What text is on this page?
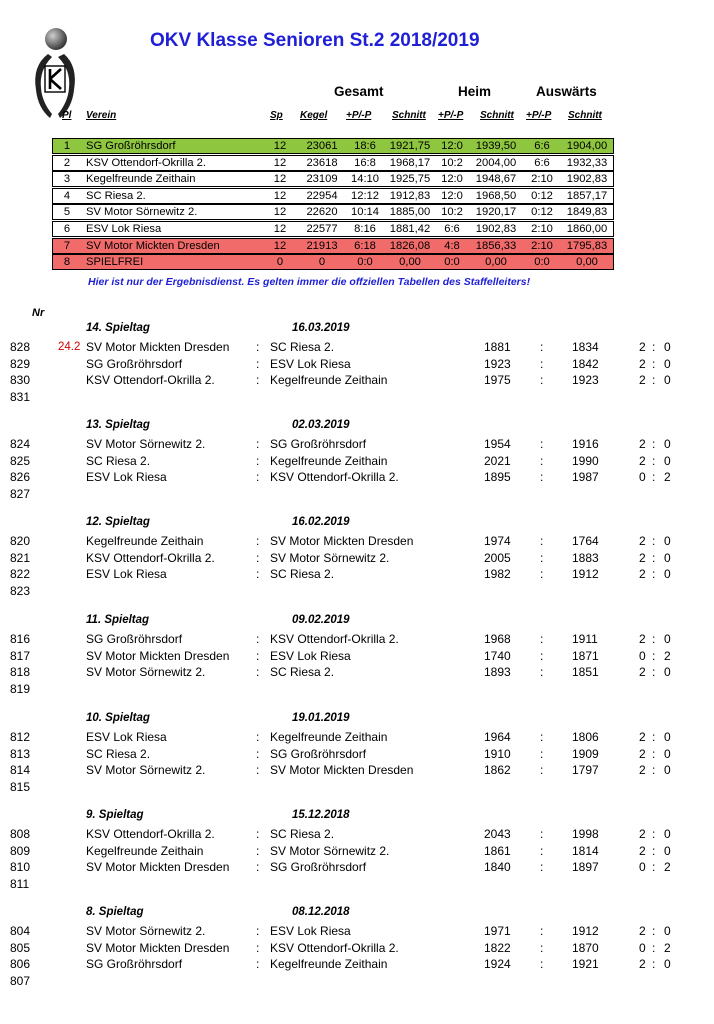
OKV Klasse Senioren St.2 2018/2019
Gesamt	Heim	Auswärts
Pl Verein	Sp Kegel +P/-P Schnitt +P/-P Schnitt +P/-P Schnitt
1	SG Großröhrsdorf	12	23061	18:6	1921,75 12:0	1939,50	6:6	1904,00
2	KSV Ottendorf-Okrilla 2.	12	23618	16:8	1968,17 10:2	2004,00	6:6	1932,33
3	Kegelfreunde Zeithain	12	23109	14:10 1925,75 12:0	1948,67	2:10	1902,83
4	SC Riesa 2.	12	22954	12:12 1912,83 12:0	1968,50	0:12	1857,17
5	SV Motor Sörnewitz 2.	12	22620	10:14 1885,00 10:2	1920,17	0:12	1849,83
6	ESV Lok Riesa	12	22577	8:16	1881,42	6:6	1902,83	2:10	1860,00
7	SV Motor Mickten Dresden	12	21913	6:18	1826,08	4:8	1856,33	2:10	1795,83
8	SPIELFREI	0	0	0:0	0,00	0:0	0,00	0:0	0,00
Hier ist nur der Ergebnisdienst. Es gelten immer die offziellen Tabellen des Staffelleiters!
Nr
14. Spieltag	16.03.2019
828 24.2 SV Motor Mickten Dresden : SC Riesa 2.	1881 : 1834	2 : 0
829	SG Großröhrsdorf	: ESV Lok Riesa	1923 : 1842	2 : 0
830	KSV Ottendorf-Okrilla 2.	: Kegelfreunde Zeithain	1975 : 1923	2 : 0
831
13. Spieltag	02.03.2019
824	SV Motor Sörnewitz 2.	: SG Großröhrsdorf	1954 : 1916	2 : 0
825	SC Riesa 2.	: Kegelfreunde Zeithain	2021 : 1990	2 : 0
826	ESV Lok Riesa	: KSV Ottendorf-Okrilla 2.	1895 : 1987	0 : 2
827
12. Spieltag	16.02.2019
820	Kegelfreunde Zeithain	: SV Motor Mickten Dresden	1974 : 1764	2 : 0
821	KSV Ottendorf-Okrilla 2.	: SV Motor Sörnewitz 2.	2005 : 1883	2 : 0
822	ESV Lok Riesa	: SC Riesa 2.	1982 : 1912	2 : 0
823
11. Spieltag	09.02.2019
816	SG Großröhrsdorf	: KSV Ottendorf-Okrilla 2.	1968 : 1911	2 : 0
817	SV Motor Mickten Dresden : ESV Lok Riesa	1740 : 1871	0 : 2
818	SV Motor Sörnewitz 2.	: SC Riesa 2.	1893 : 1851	2 : 0
819
10. Spieltag	19.01.2019
812	ESV Lok Riesa	: Kegelfreunde Zeithain	1964 : 1806	2 : 0
813	SC Riesa 2.	: SG Großröhrsdorf	1910 : 1909	2 : 0
814	SV Motor Sörnewitz 2.	: SV Motor Mickten Dresden	1862 : 1797	2 : 0
815
9. Spieltag	15.12.2018
808	KSV Ottendorf-Okrilla 2.	: SC Riesa 2.	2043 : 1998	2 : 0
809	Kegelfreunde Zeithain	: SV Motor Sörnewitz 2.	1861 : 1814	2 : 0
810	SV Motor Mickten Dresden : SG Großröhrsdorf	1840 : 1897	0 : 2
811
8. Spieltag	08.12.2018
804	SV Motor Sörnewitz 2.	: ESV Lok Riesa	1971 : 1912	2 : 0
805	SV Motor Mickten Dresden : KSV Ottendorf-Okrilla 2.	1822 : 1870	0 : 2
806	SG Großröhrsdorf	: Kegelfreunde Zeithain	1924 : 1921	2 : 0
807
